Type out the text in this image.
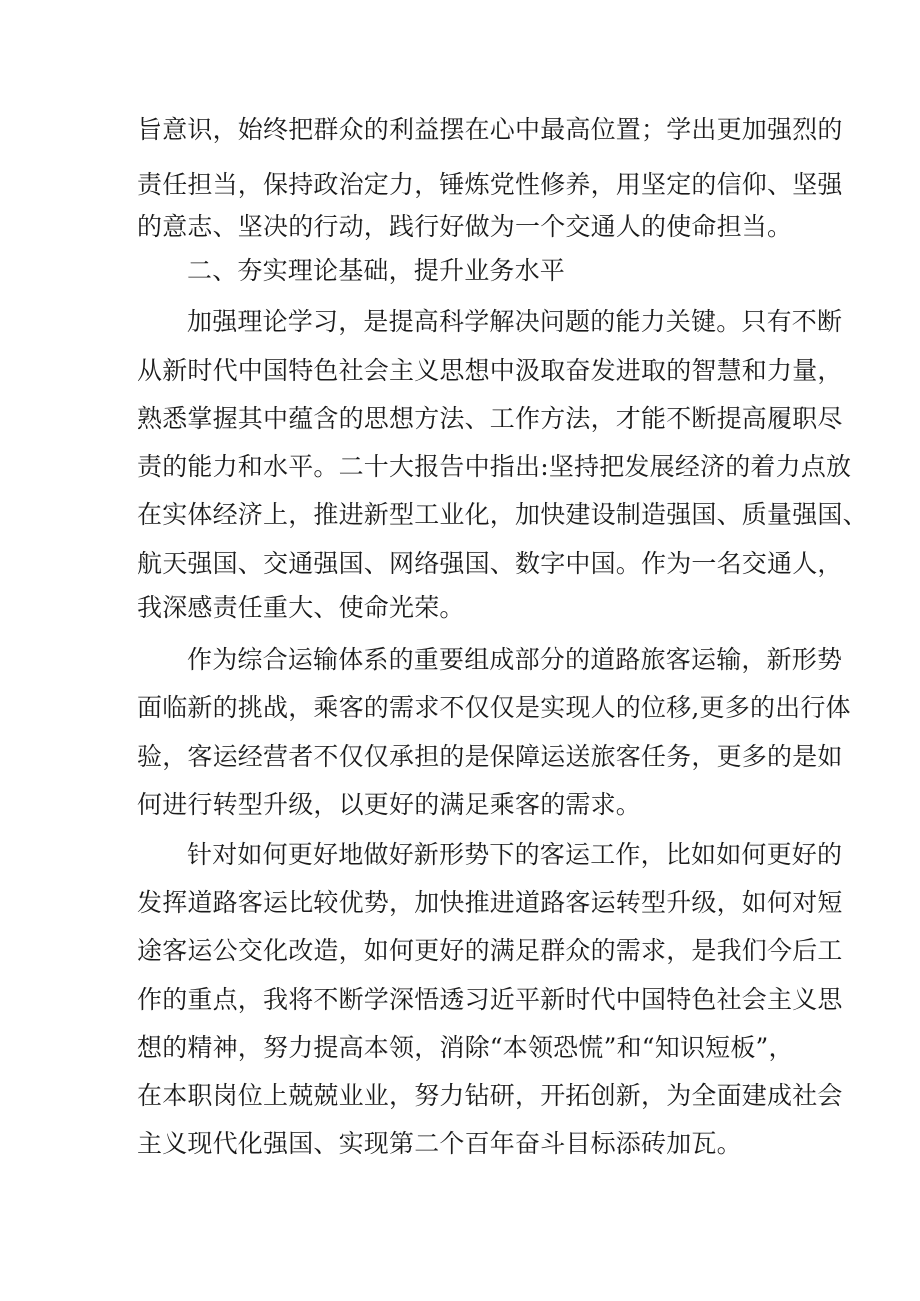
旨意识，始终把群众的利益摆在心中最高位置；学出更加强烈的
责任担当，保持政治定力，锤炼党性修养，用坚定的信仰、坚强
的意志、坚决的行动，践行好做为一个交通人的使命担当。
二、夯实理论基础，提升业务水平
加强理论学习，是提高科学解决问题的能力关键。只有不断
从新时代中国特色社会主义思想中汲取奋发进取的智慧和力量，
熟悉掌握其中蕴含的思想方法、工作方法，才能不断提高履职尽
责的能力和水平。二十大报告中指出:坚持把发展经济的着力点放
在实体经济上，推进新型工业化，加快建设制造强国、质量强国、
航天强国、交通强国、网络强国、数字中国。作为一名交通人，
我深感责任重大、使命光荣。
作为综合运输体系的重要组成部分的道路旅客运输，新形势
面临新的挑战，乘客的需求不仅仅是实现人的位移,更多的出行体
验，客运经营者不仅仅承担的是保障运送旅客任务，更多的是如
何进行转型升级，以更好的满足乘客的需求。
针对如何更好地做好新形势下的客运工作，比如如何更好的
发挥道路客运比较优势，加快推进道路客运转型升级，如何对短
途客运公交化改造，如何更好的满足群众的需求，是我们今后工
作的重点，我将不断学深悟透习近平新时代中国特色社会主义思
想的精神，努力提高本领，消除“本领恐慌”和“知识短板”，
在本职岗位上兢兢业业，努力钻研，开拓创新，为全面建成社会
主义现代化强国、实现第二个百年奋斗目标添砖加瓦。
